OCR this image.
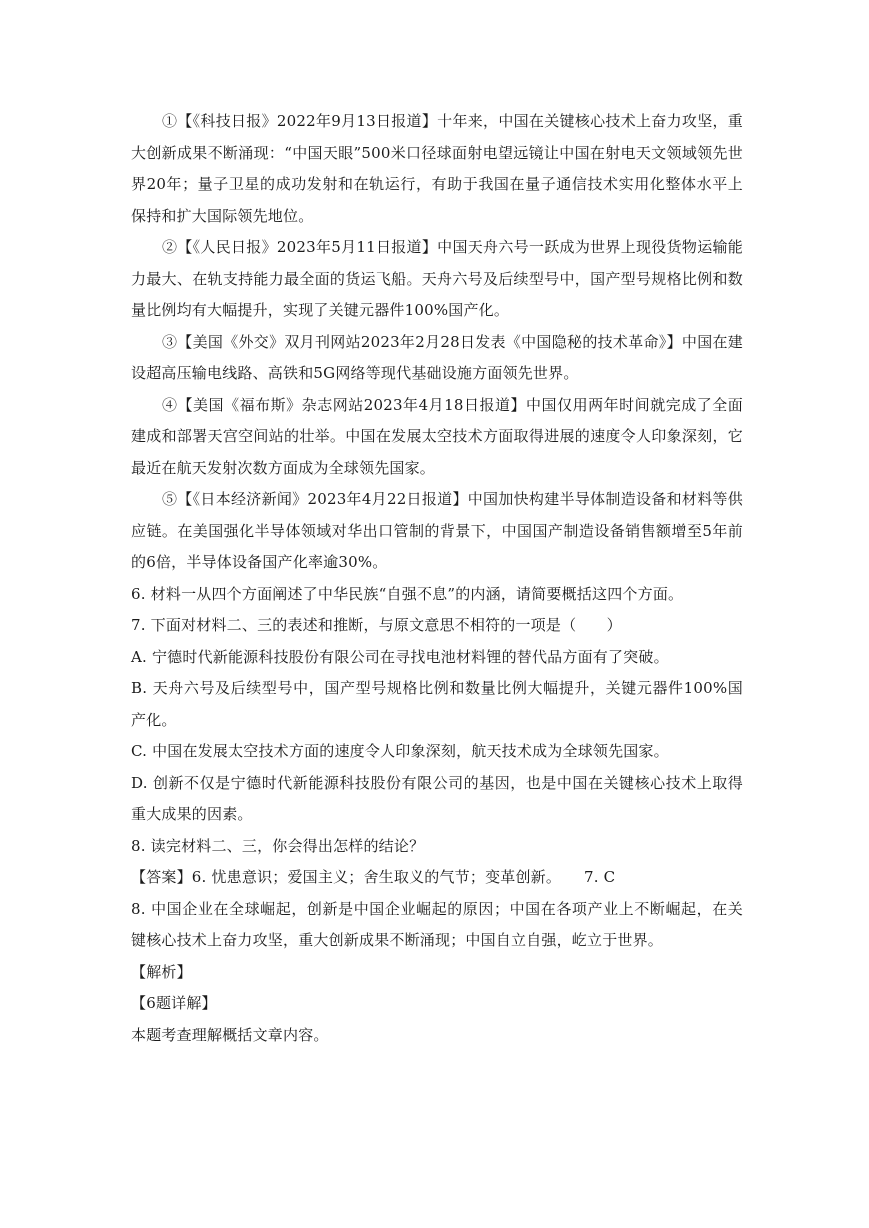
①【《科技日报》2022年9月13日报道】十年来，中国在关键核心技术上奋力攻坚，重大创新成果不断涌现：“中国天眼”500米口径球面射电望远镜让中国在射电天文领域领先世界20年；量子卫星的成功发射和在轨运行，有助于我国在量子通信技术实用化整体水平上保持和扩大国际领先地位。

②【《人民日报》2023年5月11日报道】中国天舟六号一跃成为世界上现役货物运输能力最大、在轨支持能力最全面的货运飞船。天舟六号及后续型号中，国产型号规格比例和数量比例均有大幅提升，实现了关键元器件100%国产化。

③【美国《外交》双月刊网站2023年2月28日发表《中国隐秘的技术革命》】中国在建设超高压输电线路、高铁和5G网络等现代基础设施方面领先世界。

④【美国《福布斯》杂志网站2023年4月18日报道】中国仅用两年时间就完成了全面建成和部署天宫空间站的壮举。中国在发展太空技术方面取得进展的速度令人印象深刻，它最近在航天发射次数方面成为全球领先国家。

⑤【《日本经济新闻》2023年4月22日报道】中国加快构建半导体制造设备和材料等供应链。在美国强化半导体领域对华出口管制的背景下，中国国产制造设备销售额增至5年前的6倍，半导体设备国产化率逾30%。

6. 材料一从四个方面阐述了中华民族“自强不息”的内涵，请简要概括这四个方面。

7. 下面对材料二、三的表述和推断，与原文意思不相符的一项是（　　）

A. 宁德时代新能源科技股份有限公司在寻找电池材料锂的替代品方面有了突破。

B. 天舟六号及后续型号中，国产型号规格比例和数量比例大幅提升，关键元器件100%国产化。

C. 中国在发展太空技术方面的速度令人印象深刻，航天技术成为全球领先国家。

D. 创新不仅是宁德时代新能源科技股份有限公司的基因，也是中国在关键核心技术上取得重大成果的因素。

8. 读完材料二、三，你会得出怎样的结论？

【答案】6. 忧患意识；爱国主义；舍生取义的气节；变革创新。　　7. C

8. 中国企业在全球崛起，创新是中国企业崛起的原因；中国在各项产业上不断崛起，在关键核心技术上奋力攻坚，重大创新成果不断涌现；中国自立自强，屹立于世界。

【解析】

【6题详解】

本题考查理解概括文章内容。
